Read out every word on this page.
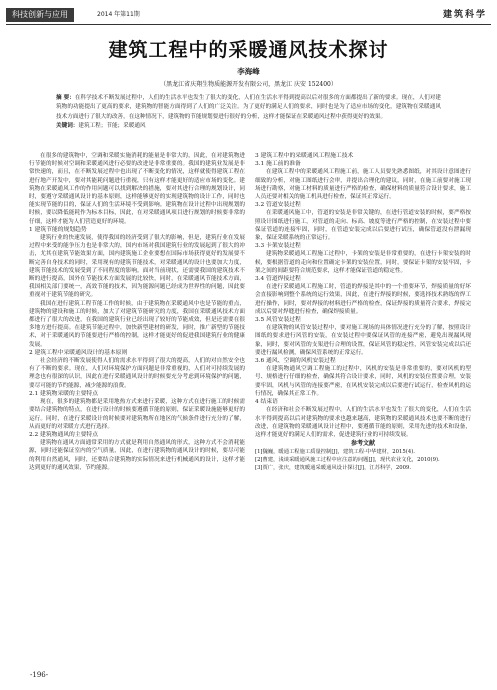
科技创新与应用	2014 年第11期	建筑科学
建筑工程中的采暖通风技术探讨
李海峰
（黑龙江省庆翔生物质能源开发有限公司，黑龙江 庆安 152400）
摘 要：在科学技术不断发展过程中，人们的生活水平也发生了很大的变化，人们在生活水平得到提高以后对很多的方面都提出了新的要求。现在，人们对建筑物的功能提出了更高的要求，建筑物的智能方面得到了人们的广泛关注。为了更好的满足人们的要求，同时也是为了适应市场的变化，建筑物在采暖通风技术方面进行了很大的改善，在这种情况下，建筑物的节能规划要进行很好的分析，这样才能保证在采暖通风过程中获得更好的效果。
关键词：建筑工程；节能；采暖通风

在很多的建筑物中，空调和采暖实施消耗的能量是非常大的，因此，在对建筑物进行节能的时候对空调和采暖通风进行必要的改进是非常重要的。我国的建筑业发展是非常快速的，而且，在不断发展过程中也出现了不断变化的情况，这样就使得建筑工程在进行地产开发中，要对其能耗问题进行重视，只有这样才能更好的适应市场的变化。建筑物在采暖通风工作的作用问题可以找到解决的措施，要对其进行合理的规划设计，同时，要遵守采暖通风设计的基本原则，这样能够更好的实现建筑物的设计工作，同时也能实现节能的目的，保证人们的生活环境不受到影响。建筑物在设计过程中出现规划的时候，要以降低能耗作为标本目标，因此，在对采暖通风项目进行规划的时候要非常的仔细，这样才能为人们营造更好的环境。

1 建筑节能的规划趋势

建筑行业的快速发展，使得我国的经济受到了很大的影响，但是，建筑行业在发展过程中来受的能争压力也是非常大的，国内市场对我国建筑行业的发展起到了很大的冲击，尤其在建筑节能效果方面，国内建筑施工企业要想在国际市场获得更好的发展要不断完善自身技术的同时，采用现有的建筑节能技术，对采暖通风的设计也要加大力度，建筑节能技术的发展受到了不同程度的影响。面对当前现状，还需要我国的建筑技术不断的进行提高，国外在节能技术方面发展的比较快，同时，在采暖通风节能技术方面，我国相关部门要统一，高效节能的技术，因为能源问题已经成为世界性的问题，因此要重视对于建筑节能的研究。

我国在进行建筑工程节能工作的时候，由于建筑物在采暖通风中也是节能的重点，建筑物的建设和施工的时候，加大了对建筑节能研究的力度，我国在采暖通风技术方面都进行了很大的改进，在我国的建筑行业已经出现了较好的节能成效，但是还需要在很多地方进行提高。在建筑节能过程中，加快新型建材的研发，同时，推广新型的节能技术，对于采暖通风的节能要进行严格的控制，这样才能更好的促进我国建筑行业的健康发展。

2 建筑工程中采暖通风设计的基本原则

社会经济的不断发展使得人们的需求水平得到了很大的提高，人们的对自然安全也有了不断的要求。现在，人们对环境保护方面问题是非常重视的，人们对可持续发展的理念也有很深的认识，因此在进行采暖通风设计的时候要充分考虑到环境保护的问题，要尽可能的节约能源，减少能源的浪费。

2.1 建筑物采暖的主要特点

现在，很多的建筑物都是采用地热方式来进行采暖，这种方式在进行施工的时候需要结合建筑物的特点，在进行设计的时候要遵循节能的原则，保证采暖设施能够更好的运行。同时，在进行采暖设计的时候要对建筑物所在地区的气候条件进行充分的了解，从而更好的对采暖方式进行选择。

2.2 建筑物通风的主要特点

建筑物在通风方面通常采用的方式就是利用自然通风的形式，这种方式不会消耗能源，同时还能保证室内的空气质量，因此，在进行建筑物的通风设计的时候，要尽可能的利用自然通风，同时，还要结合建筑物的实际情况来进行机械通风的设计，这样才能达到更好的通风效果，节约能源。

3 建筑工程中的采暖通风工程施工技术
3.1 施工前的准备

在建筑工程中的采暖通风工程施工前，施工人员要先熟悉图纸，对其设计意图进行细致的分析，对施工图纸进行会审，并提出合理化的建议，同时，在施工前要对施工现场进行勘察，对施工材料的质量进行严格的检查，确保材料的质量符合设计要求，施工人员还要对相关的施工机具进行检查，保证其正常运行。

3.2 管道安装过程

在采暖通风施工中，管道的安装是非常关键的，在进行管道安装的时候，要严格按照设计图纸进行施工，对管道的走向、标高、坡度等进行严格的控制，在安装过程中要保证管道的连接牢固，同时，在管道安装完成以后要进行试压，确保管道没有泄漏现象，保证采暖系统的正常运行。

3.3 卡架安装过程

建筑物采暖通风工程施工过程中，卡架的安装是非常重要的，在进行卡架安装的时候，要根据管道的走向和位置确定卡架的安装位置，同时，要保证卡架的安装牢固，卡架之间的间距要符合规范要求，这样才能保证管道的稳定性。

3.4 管道焊接过程

在进行采暖通风工程施工时，管道的焊接是其中的一个重要环节，焊接质量的好坏会直接影响到整个系统的运行效果，因此，在进行焊接的时候，要选择技术熟练的焊工进行操作，同时，要对焊接的材料进行严格的检查，保证焊接的质量符合要求，焊接完成以后要对焊缝进行检查，确保焊接质量。

3.5 风管安装过程

在建筑物的风管安装过程中，要对施工现场的具体情况进行充分的了解，按照设计图纸的要求进行风管的安装，在安装过程中要保证风管的连接严密，避免出现漏风现象，同时，要对风管的支架进行合理的设置，保证风管的稳定性，风管安装完成以后还要进行漏风检测，确保风管系统的正常运行。

3.6 通风、空调的风机安装过程

在建筑物通风空调工程施工的过程中，风机的安装是非常重要的，要对风机的型号、规格进行仔细的检查，确保其符合设计要求，同时，风机的安装位置要合理，安装要牢固，风机与风管的连接要严密，在风机安装完成以后要进行试运行，检查风机的运行情况，确保其正常工作。

4 结束语

在经济和社会不断发展过程中，人们的生活水平也发生了很大的变化，人们在生活水平得到提高以后对建筑物的要求也越来越高，建筑物的采暖通风技术也要不断的进行改进，在建筑物的采暖通风设计过程中，要遵循节能的原则，采用先进的技术和设备，这样才能更好的满足人们的需求，促进建筑行业的可持续发展。

参考文献

[1]魏巍，暖通工程施工质量控制[J]，建筑工程·中华建材，2015(4).

[2]曹建，浅谈采暖通风施工过程中应注意的问题[J]，现代农业文化，2010(9).

[3]贾广，张庆，建筑暖通采暖通风设计探讨[J]，江苏科学，2009.

-196-
